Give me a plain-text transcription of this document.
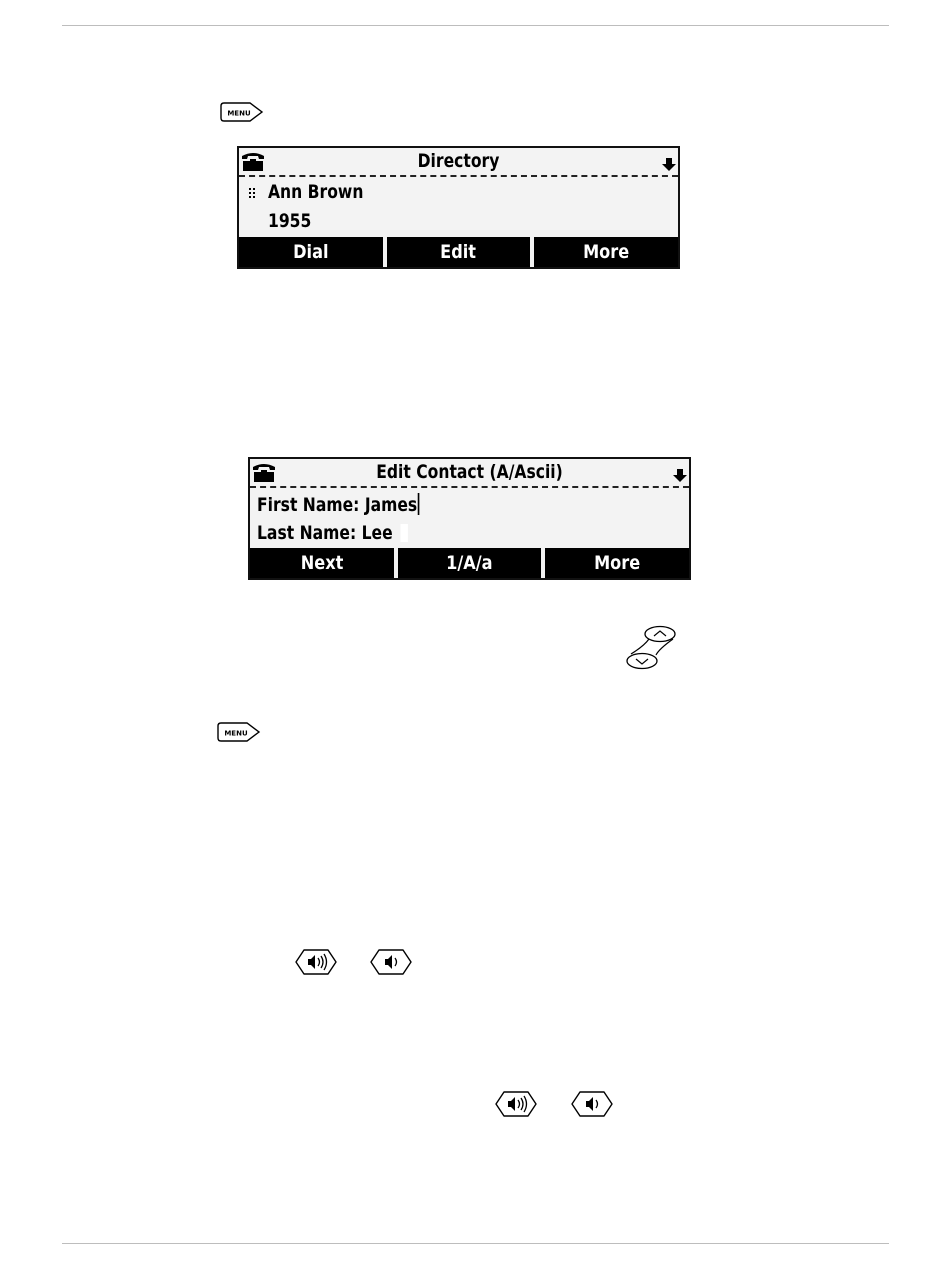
MENU
Directory
Ann Brown
1955
Dial	Edit	More
Edit Contact (A/Ascii)
First Name: James
Last Name: Lee
Next	1/A/a	More
MENU
